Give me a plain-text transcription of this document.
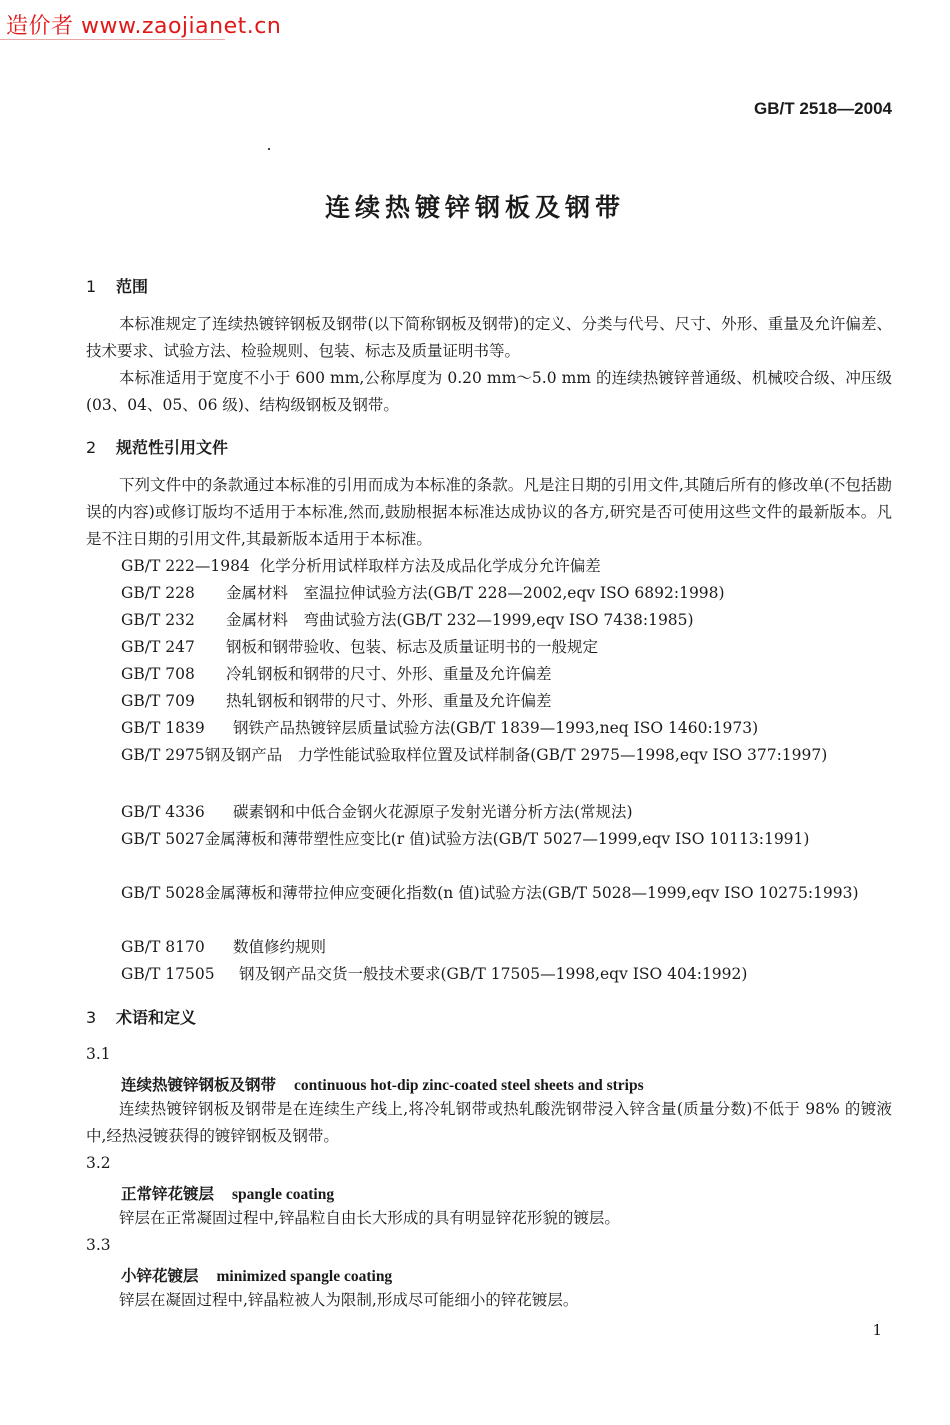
造价者 www.zaojianet.cn
GB/T 2518—2004
连续热镀锌钢板及钢带
1 范围
本标准规定了连续热镀锌钢板及钢带(以下简称钢板及钢带)的定义、分类与代号、尺寸、外形、重量及允许偏差、技术要求、试验方法、检验规则、包装、标志及质量证明书等。
本标准适用于宽度不小于 600 mm,公称厚度为 0.20 mm～5.0 mm 的连续热镀锌普通级、机械咬合级、冲压级(03、04、05、06 级)、结构级钢板及钢带。
2 规范性引用文件
下列文件中的条款通过本标准的引用而成为本标准的条款。凡是注日期的引用文件,其随后所有的修改单(不包括勘误的内容)或修订版均不适用于本标准,然而,鼓励根据本标准达成协议的各方,研究是否可使用这些文件的最新版本。凡是不注日期的引用文件,其最新版本适用于本标准。
GB/T 222—1984 化学分析用试样取样方法及成品化学成分允许偏差
GB/T 228 金属材料　室温拉伸试验方法(GB/T 228—2002,eqv ISO 6892:1998)
GB/T 232 金属材料　弯曲试验方法(GB/T 232—1999,eqv ISO 7438:1985)
GB/T 247 钢板和钢带验收、包装、标志及质量证明书的一般规定
GB/T 708 冷轧钢板和钢带的尺寸、外形、重量及允许偏差
GB/T 709 热轧钢板和钢带的尺寸、外形、重量及允许偏差
GB/T 1839 钢铁产品热镀锌层质量试验方法(GB/T 1839—1993,neq ISO 1460:1973)
GB/T 2975钢及钢产品　力学性能试验取样位置及试样制备(GB/T 2975—1998,eqv ISO 377:1997)
GB/T 4336 碳素钢和中低合金钢火花源原子发射光谱分析方法(常规法)
GB/T 5027金属薄板和薄带塑性应变比(r 值)试验方法(GB/T 5027—1999,eqv ISO 10113:1991)
GB/T 5028金属薄板和薄带拉伸应变硬化指数(n 值)试验方法(GB/T 5028—1999,eqv ISO 10275:1993)
GB/T 8170 数值修约规则
GB/T 17505 钢及钢产品交货一般技术要求(GB/T 17505—1998,eqv ISO 404:1992)
3 术语和定义
3.1
连续热镀锌钢板及钢带 continuous hot-dip zinc-coated steel sheets and strips
连续热镀锌钢板及钢带是在连续生产线上,将冷轧钢带或热轧酸洗钢带浸入锌含量(质量分数)不低于 98% 的镀液中,经热浸镀获得的镀锌钢板及钢带。
3.2
正常锌花镀层 spangle coating
锌层在正常凝固过程中,锌晶粒自由长大形成的具有明显锌花形貌的镀层。
3.3
小锌花镀层 minimized spangle coating
锌层在凝固过程中,锌晶粒被人为限制,形成尽可能细小的锌花镀层。
1
